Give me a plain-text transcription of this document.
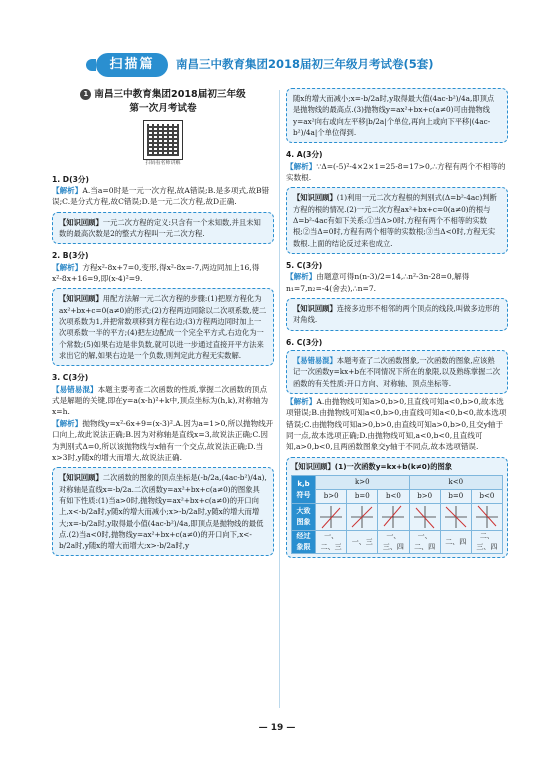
扫描篇	南昌三中教育集团2018届初三年级月考试卷(5套)
1 南昌三中教育集团2018届初三年级
第一次月考试卷
扫码看名师讲解
1. D(3分)
【解析】A.当a=0时是一元一次方程,故A错误;B.是多项式,故B错误;C.是分式方程,故C错误;D.是一元二次方程,故D正确.
【知识回顾】一元二次方程的定义:只含有一个未知数,并且未知数的最高次数是2的整式方程叫一元二次方程.
2. B(3分)
【解析】方程x²-8x+7=0,变形,得x²-8x=-7,两边同加上16,得x²-8x+16=9,即(x-4)²=9.
【知识回顾】用配方法解一元二次方程的步骤:(1)把原方程化为ax²+bx+c=0(a≠0)的形式;(2)方程两边同除以二次项系数,使二次项系数为1,并把常数项移到方程右边;(3)方程两边同时加上一次项系数一半的平方;(4)把左边配成一个完全平方式,右边化为一个常数;(5)如果右边是非负数,就可以进一步通过直接开平方法来求出它的解,如果右边是一个负数,则判定此方程无实数解.
3. C(3分)
【易错易混】本题主要考查二次函数的性质,掌握二次函数的顶点式是解题的关键,即在y=a(x-h)²+k中,顶点坐标为(h,k),对称轴为x=h.
【解析】抛物线y=x²-6x+9=(x-3)².A.因为a=1>0,所以抛物线开口向上,故此说法正确;B.因为对称轴是直线x=3,故说法正确;C.因为判别式Δ=0,所以该抛物线与x轴有一个交点,故说法正确;D.当x>3时,y随x的增大而增大,故说法正确.
【知识回顾】二次函数的图象的顶点坐标是(-b/2a,(4ac-b²)/4a),对称轴是直线x=-b/2a.二次函数y=ax²+bx+c(a≠0)的图象具有如下性质:(1)当a>0时,抛物线y=ax²+bx+c(a≠0)的开口向上,x<-b/2a时,y随x的增大而减小;x>-b/2a时,y随x的增大而增大;x=-b/2a时,y取得最小值(4ac-b²)/4a,即顶点是抛物线的最低点.(2)当a<0时,抛物线y=ax²+bx+c(a≠0)的开口向下,x<-b/2a时,y随x的增大而增大;x>-b/2a时,y
随x的增大而减小;x=-b/2a时,y取得最大值(4ac-b²)/4a,即顶点是抛物线的最高点.(3)抛物线y=ax²+bx+c(a≠0)可由抛物线y=ax²向右或向左平移|b/2a|个单位,再向上或向下平移|(4ac-b²)/4a|个单位得到.
4. A(3分)
【解析】∵Δ=(-5)²-4×2×1=25-8=17>0,∴方程有两个不相等的实数根.
【知识回顾】(1)利用一元二次方程根的判别式(Δ=b²-4ac)判断方程的根的情况.(2)一元二次方程ax²+bx+c=0(a≠0)的根与Δ=b²-4ac有如下关系:①当Δ>0时,方程有两个不相等的实数根;②当Δ=0时,方程有两个相等的实数根;③当Δ<0时,方程无实数根.上面的结论反过来也成立.
5. C(3分)
【解析】由题意可得n(n-3)/2=14,∴n²-3n-28=0,解得n₁=7,n₂=-4(舍去),∴n=7.
【知识回顾】连接多边形不相邻的两个顶点的线段,叫做多边形的对角线.
6. C(3分)
【易错易混】本题考查了二次函数图象,一次函数的图象,应该熟记一次函数y=kx+b在不同情况下所在的象限,以及熟练掌握二次函数的有关性质:开口方向、对称轴、顶点坐标等.
【解析】A.由抛物线可知a>0,b>0,且直线可知a<0,b>0,故本选项错误;B.由抛物线可知a<0,b>0,由直线可知a<0,b<0,故本选项错误;C.由抛物线可知a>0,b>0,由直线可知a>0,b>0,且交y轴于同一点,故本选项正确;D.由抛物线可知,a<0,b<0,且直线可知,a>0,b<0,且两函数图象交y轴于不同点,故本选项错误.
【知识回顾】(1)一次函数y=kx+b(k≠0)的图象
k,b符号	k>0			k<0		
	b>0	b=0	b<0	b>0	b=0	b<0
大致图象	

经过象限	一、二、三	一、三	一、三、四	一、二、四	二、四	二、三、四
— 19 —
